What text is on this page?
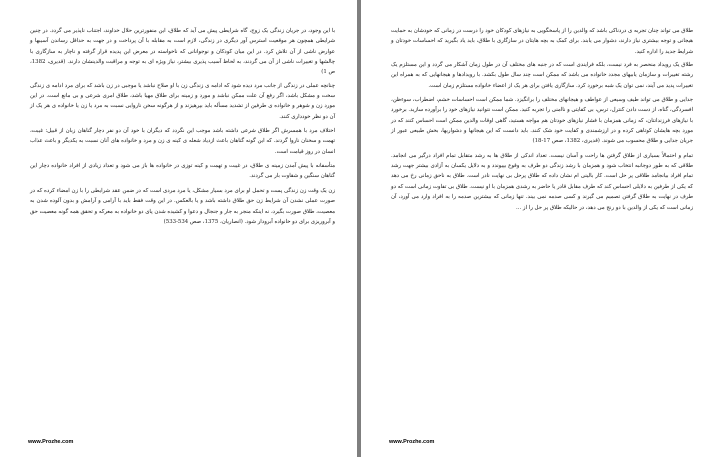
با این وجود، در جریان زندگی یک زوج، گاه شرایطی پیش می آید که طلاق، این منفورترین حلال خداوند، اجتناب ناپذیر می گردد. در چنین شرایطی همچون هر موقعیت استرس آور دیگری در زندگی، لازم است به مقابله با آن پرداخت و در جهت به حداقل رساندن آسیبها و عوارض ناشی از آن تلاش کرد. در این میان کودکان و نوجوانانی که ناخواسته در معرض این پدیده قرار گرفته و ناچار به سازگاری با چالشها و تغییرات ناشی از آن می گردند، به لحاظ آسیب پذیری بیشتر، نیاز ویژه ای به توجه و مراقبت والدینشان دارند. (قدیری، 1382، ص 1)

چنانچه عملی در زندگی از جانب مرد دیده شود که ادامه ی زندگی زن با او صلاح نباشد یا موجبی در زن باشد که برای مرد ادامه ی زندگی سخت و مشکل باشد، اگر رفع آن علت ممکن نباشد و مورد و زمینه برای طلاق مهیا باشد، طلاق امری شرعی و بی مانع است. در این مورد زن و شوهر و خانواده ی طرفین از تشدید مسأله باید بپرهیزند و از هرگونه سخن ناروایی نسبت به مرد یا زن یا خانواده ی هر یک از آن دو نظر خودداری کنند.

اختلاف مرد با همسرش اگر طلاق شرعی داشته باشد موجب این نگردد که دیگران با خود آن دو نفر دچار گناهان زبان از قبیل: غیبت، تهمت و سخنان ناروا گردند. که این گونه گناهان باعث ازدیاد شعله ی کینه ی زن و مرد و خانواده های آنان نسبت به یکدیگر و باعث عذاب انسان در روز قیامت است.

متأسفانه با پیش آمدن زمینه ی طلاق، در غیبت و تهمت و کینه توزی در خانواده ها باز می شود و تعداد زیادی از افراد خانواده دچار این گناهان سنگین و شقاوت بار می گردند.

زن یک وقت زن زندگی پست و تحمل او برای مرد بسیار مشکل، یا مرد مردی است که در ضمن عقد شرایطی را با زن امضاء کرده که در صورت عملی نشدن آن شرایط زن حق طلاق داشته باشد و یا بالعکس. در این وقت فقط باید با آرامی و آرامش و بدون آلوده شدن به معصیت، طلاق صورت بگیرد، نه اینکه منجر به جار و جنجال و دعوا و کشیده شدن پای دو خانواده به معرکه و تحقق همه گونه معصیت حق و آبروریزی برای دو خانواده آبرودار شود. (انصاریان، 1375، صص 534-533)

www.Prozhe.com

طلاق می تواند چنان تجربه ی دردناکی باشد که والدین را از پاسخگویی به نیازهای کودکان خود را درست در زمانی که خودشان به حمایت هیجانی و توجه بیشتری نیاز دارند، دشوار می یابند. برای کمک به بچه هایتان در سازگاری با طلاق، باید یاد بگیرید که احساسات خودتان و شرایط جدید را اداره کنید.

طلاق یک رویداد منحصر به فرد نیست، بلکه فرایندی است که در جنبه های مختلف آن در طول زمان آشکار می گردد و این مستلزم یک رشته تغییرات و سازمان یابیهای مجدد خانواده می باشد که ممکن است چند سال طول بکشد. با رویدادها و هیجانهایی که به همراه این تغییرات پدید می آیند، نمی توان یک شبه برخورد کرد. سازگاری یافتن برای هر یک از اعضاء خانواده مستلزم زمان است.

جدایی و طلاق می تواند طیف وسیعی از عواطف و هیجانهای مختلف را برانگیزد. شما ممکن است احساسات خشم، اضطراب، سوءظن، افسردگی، گناه، از دست دادن کنترل، ترس، بی کفایتی و ناامنی را تجربه کنید. ممکن است نتوانید نیازهای خود را برآورده سازید. برخورد با نیازهای فرزندانتان، که زمانی همزمان با فشار نیازهای خودتان هم مواجه هستید، گاهی اوقات والدین ممکن است احساس کنند که در مورد بچه هایشان کوتاهی کرده و در ارزشمندی و کفایت خود شک کنند. باید دانست که این هیجانها و دشواریها، بخش طبیعی عبور از جریان جدایی و طلاق محسوب می شوند. (قدیری، 1382، صص 17-18)

تمام و احتمالاً بسیاری از طلاق گرفتن ها راحت و آسان نیست. تعداد اندکی از طلاق ها به رشد متقابل تمام افراد درگیر می انجامد. طلاقی که به طور دوجانبه انتخاب شود و همزمان با رشد زندگی دو طرف به وقوع بپیوندد و به دلایل یکسان به آزادی بیشتر جهت رشد تمام افراد بیانجامد طلاقی پر حل است. کار بالینی ام نشان داده که طلاق پرحل بی نهایت نادر است. طلاق به ناحق زمانی رخ می دهد که یکی از طرفین به دلایلی احساس کند که طرف مقابل قادر یا حاضر به رشدی همزمان با او نیست. طلاق بی تفاوت زمانی است که دو طرف در نهایت به طلاق گرفتن تصمیم می گیرند و کسی صدمه نمی بیند. تنها زمانی که بیشترین صدمه را به افراد وارد می آورد، آن زمانی است که یکی از والدین با دو رنج می دهد، در حالیکه طلاق پر حل را از ...

www.Prozhe.com
